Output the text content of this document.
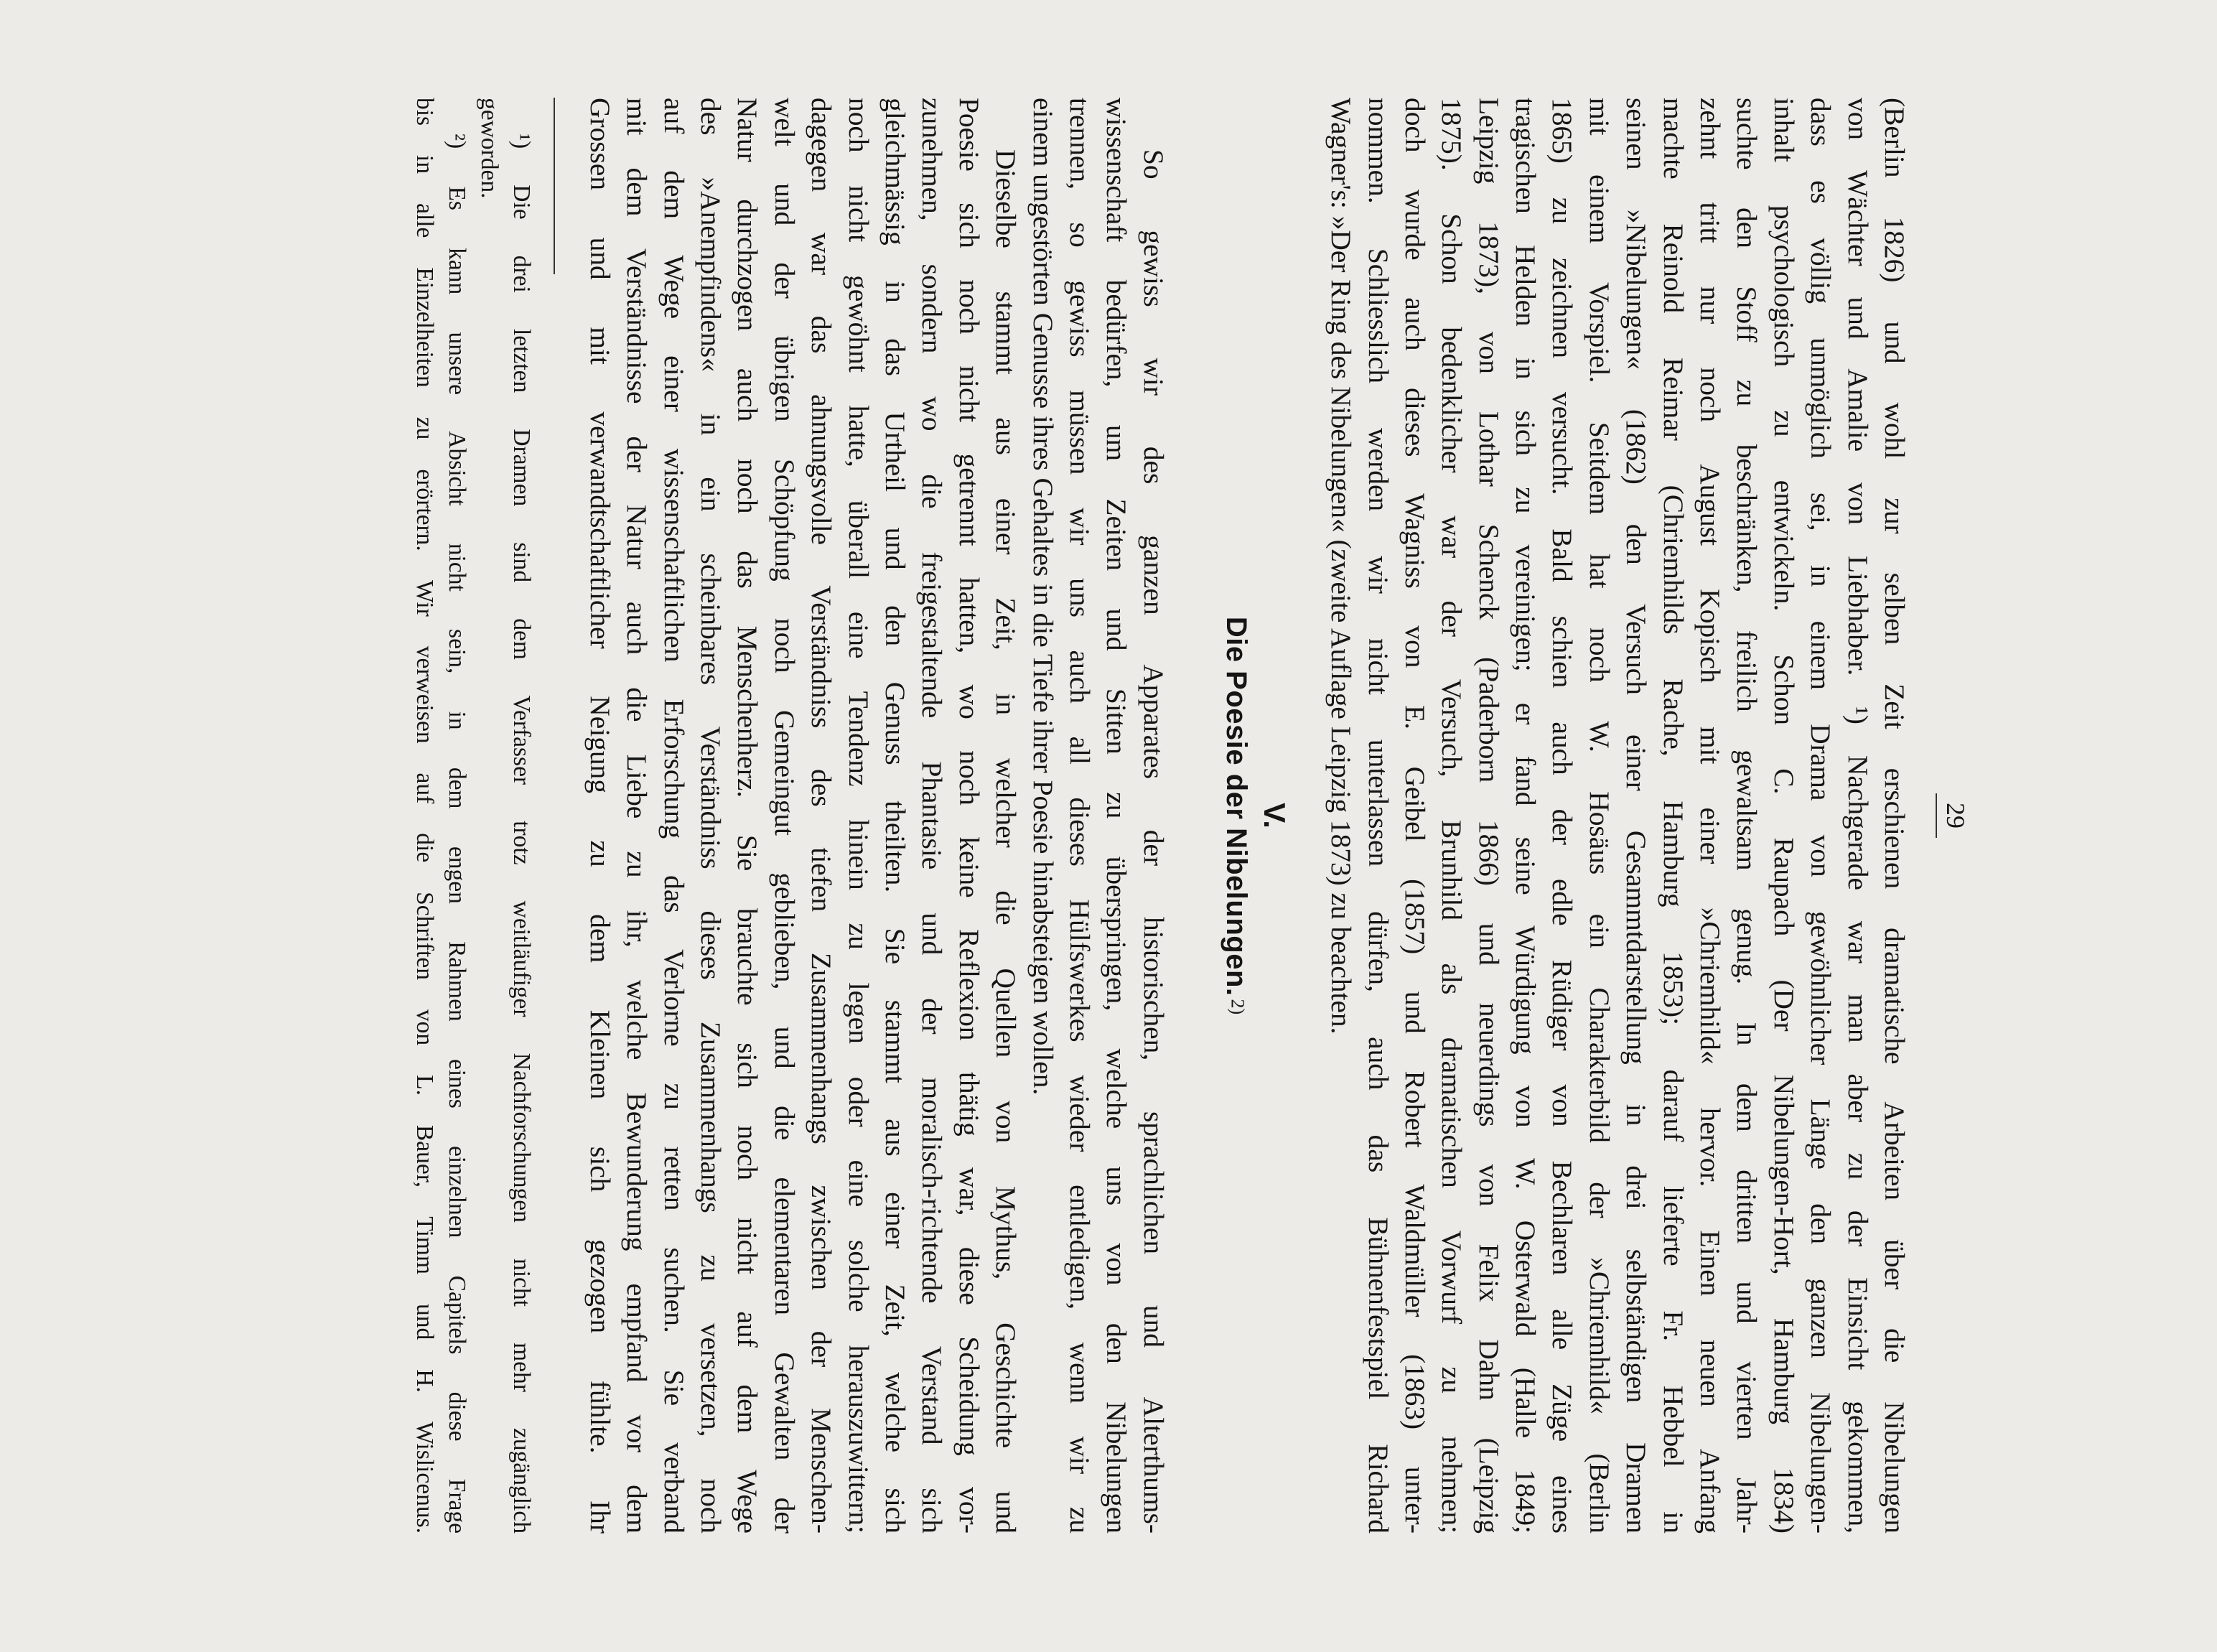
29
(Berlin 1826) und wohl zur selben Zeit erschienen dramatische Arbeiten über die Nibelungen
von Wächter und Amalie von Liebhaber. ¹) Nachgerade war man aber zu der Einsicht gekommen,
dass es völlig unmöglich sei, in einem Drama von gewöhnlicher Länge den ganzen Nibelungen-
inhalt psychologisch zu entwickeln. Schon C. Raupach (Der Nibelungen-Hort, Hamburg 1834)
suchte den Stoff zu beschränken, freilich gewaltsam genug. In dem dritten und vierten Jahr-
zehnt tritt nur noch August Kopisch mit einer »Chriemhild« hervor. Einen neuen Anfang
machte Reinold Reimar (Chriemhilds Rache, Hamburg 1853); darauf lieferte Fr. Hebbel in
seinen »Nibelungen« (1862) den Versuch einer Gesammtdarstellung in drei selbständigen Dramen
mit einem Vorspiel. Seitdem hat noch W. Hosäus ein Charakterbild der »Chriemhild« (Berlin
1865) zu zeichnen versucht. Bald schien auch der edle Rüdiger von Bechlaren alle Züge eines
tragischen Helden in sich zu vereinigen; er fand seine Würdigung von W. Osterwald (Halle 1849;
Leipzig 1873), von Lothar Schenck (Paderborn 1866) und neuerdings von Felix Dahn (Leipzig
1875). Schon bedenklicher war der Versuch, Brunhild als dramatischen Vorwurf zu nehmen;
doch wurde auch dieses Wagniss von E. Geibel (1857) und Robert Waldmüller (1863) unter-
nommen. Schliesslich werden wir nicht unterlassen dürfen, auch das Bühnenfestspiel Richard
Wagner's: »Der Ring des Nibelungen« (zweite Auflage Leipzig 1873) zu beachten.
V.
Die Poesie der Nibelungen. 2)
So gewiss wir des ganzen Apparates der historischen, sprachlichen und Alterthums-
wissenschaft bedürfen, um Zeiten und Sitten zu überspringen, welche uns von den Nibelungen
trennen, so gewiss müssen wir uns auch all dieses Hülfswerkes wieder entledigen, wenn wir zu
einem ungestörten Genusse ihres Gehaltes in die Tiefe ihrer Poesie hinabsteigen wollen.
Dieselbe stammt aus einer Zeit, in welcher die Quellen von Mythus, Geschichte und
Poesie sich noch nicht getrennt hatten, wo noch keine Reflexion thätig war, diese Scheidung vor-
zunehmen, sondern wo die freigestaltende Phantasie und der moralisch-richtende Verstand sich
gleichmässig in das Urtheil und den Genuss theilten. Sie stammt aus einer Zeit, welche sich
noch nicht gewöhnt hatte, überall eine Tendenz hinein zu legen oder eine solche herauszuwittern;
dagegen war das ahnungsvolle Verständniss des tiefen Zusammenhangs zwischen der Menschen-
welt und der übrigen Schöpfung noch Gemeingut geblieben, und die elementaren Gewalten der
Natur durchzogen auch noch das Menschenherz. Sie brauchte sich noch nicht auf dem Wege
des »Anempfindens« in ein scheinbares Verständniss dieses Zusammenhangs zu versetzen, noch
auf dem Wege einer wissenschaftlichen Erforschung das Verlorne zu retten suchen. Sie verband
mit dem Verständnisse der Natur auch die Liebe zu ihr, welche Bewunderung empfand vor dem
Grossen und mit verwandtschaftlicher Neigung zu dem Kleinen sich gezogen fühlte. Ihr
¹) Die drei letzten Dramen sind dem Verfasser trotz weitläufiger Nachforschungen nicht mehr zugänglich
geworden.
²) Es kann unsere Absicht nicht sein, in dem engen Rahmen eines einzelnen Capitels diese Frage
bis in alle Einzelheiten zu erörtern. Wir verweisen auf die Schriften von L. Bauer, Timm und H. Wislicenus.
